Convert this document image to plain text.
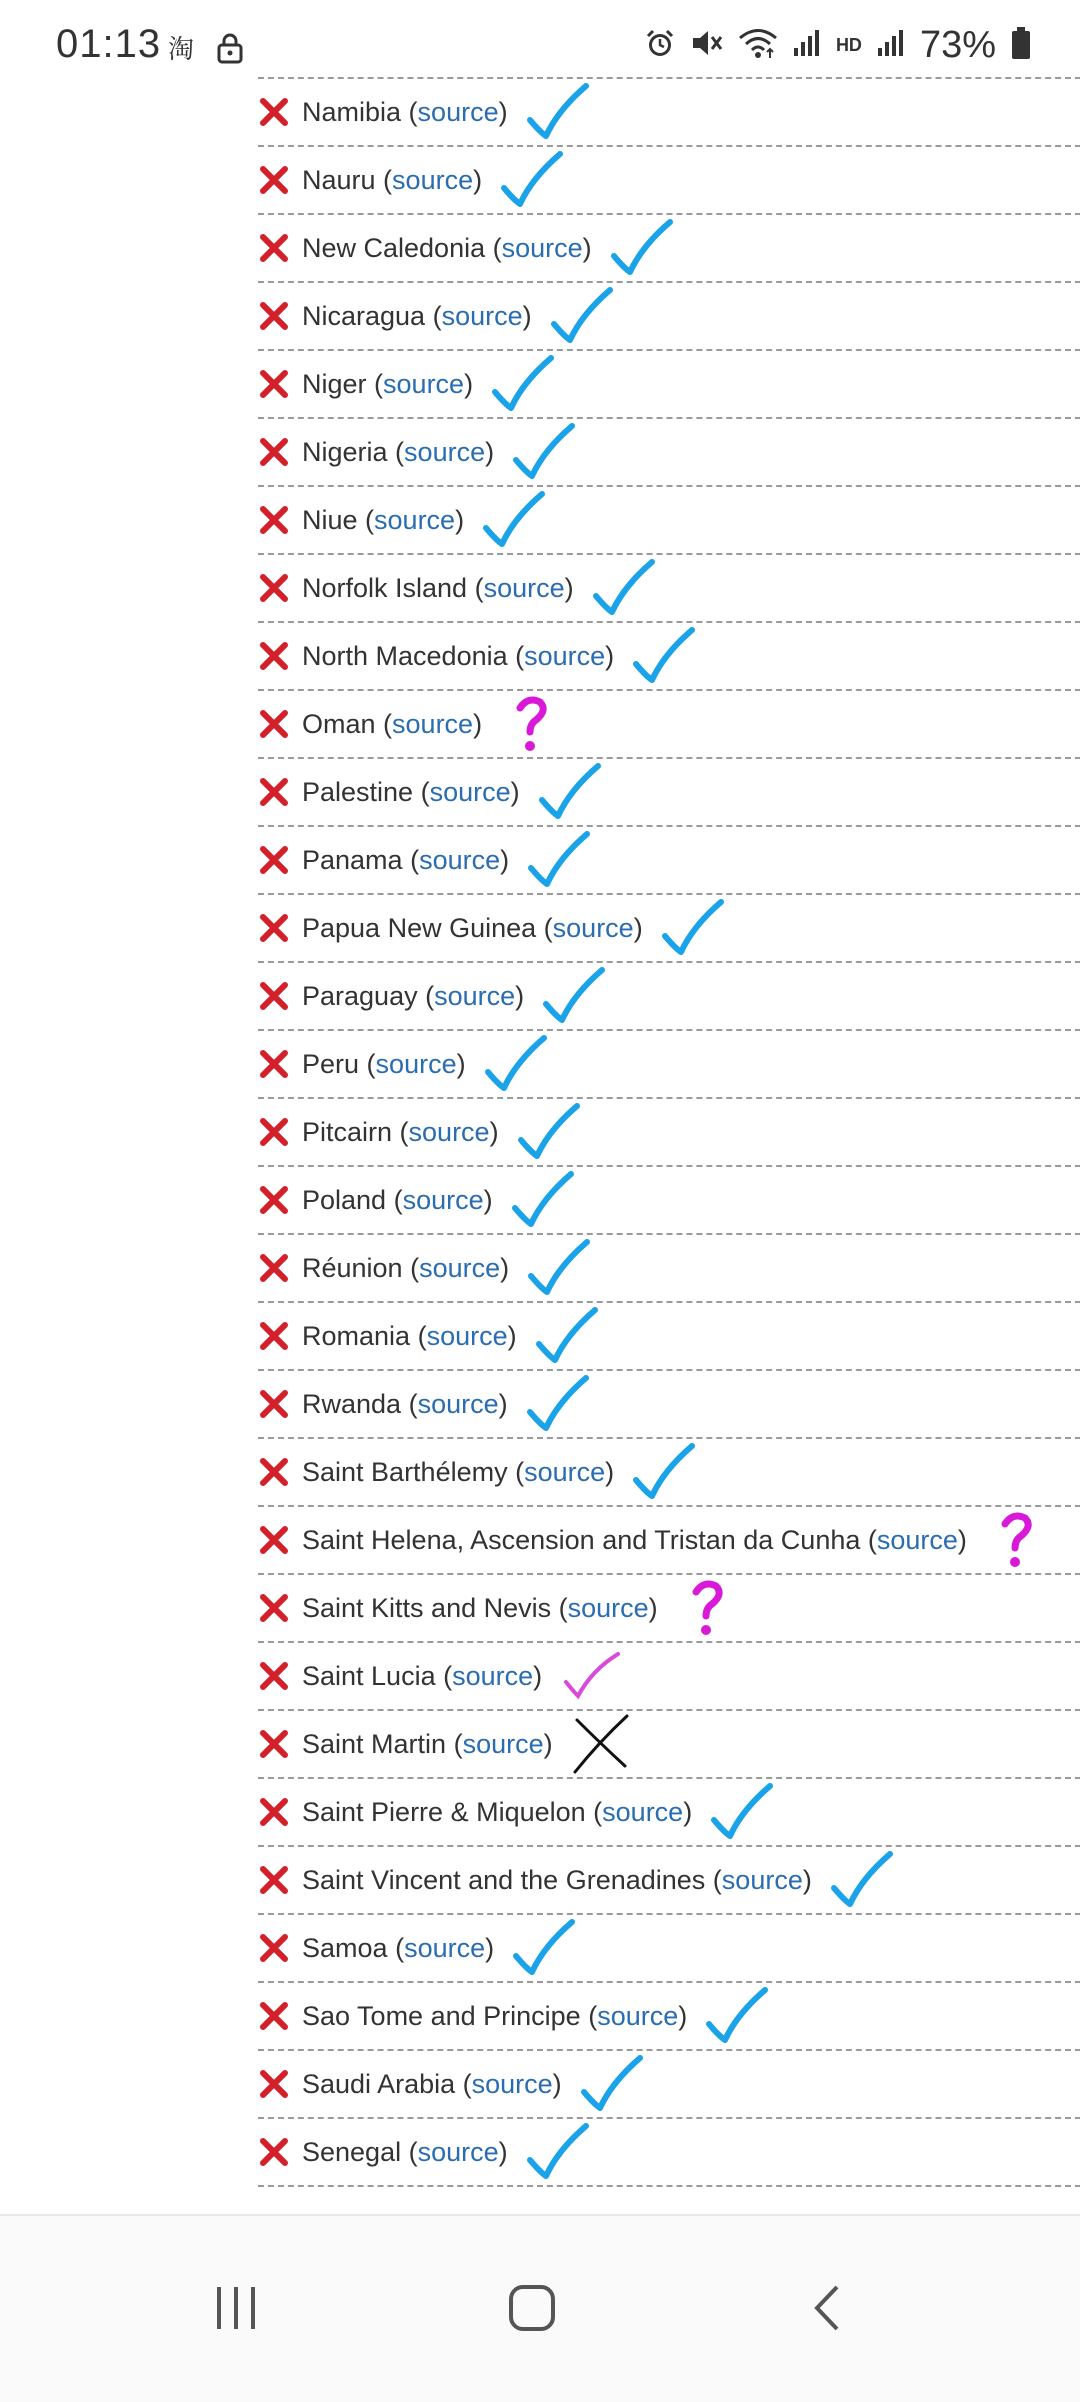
01:13 淘	HD 73%
Namibia (source)
Nauru (source)
New Caledonia (source)
Nicaragua (source)
Niger (source)
Nigeria (source)
Niue (source)
Norfolk Island (source)
North Macedonia (source)
Oman (source)
Palestine (source)
Panama (source)
Papua New Guinea (source)
Paraguay (source)
Peru (source)
Pitcairn (source)
Poland (source)
Réunion (source)
Romania (source)
Rwanda (source)
Saint Barthélemy (source)
Saint Helena, Ascension and Tristan da Cunha (source)
Saint Kitts and Nevis (source)
Saint Lucia (source)
Saint Martin (source)
Saint Pierre & Miquelon (source)
Saint Vincent and the Grenadines (source)
Samoa (source)
Sao Tome and Principe (source)
Saudi Arabia (source)
Senegal (source)
